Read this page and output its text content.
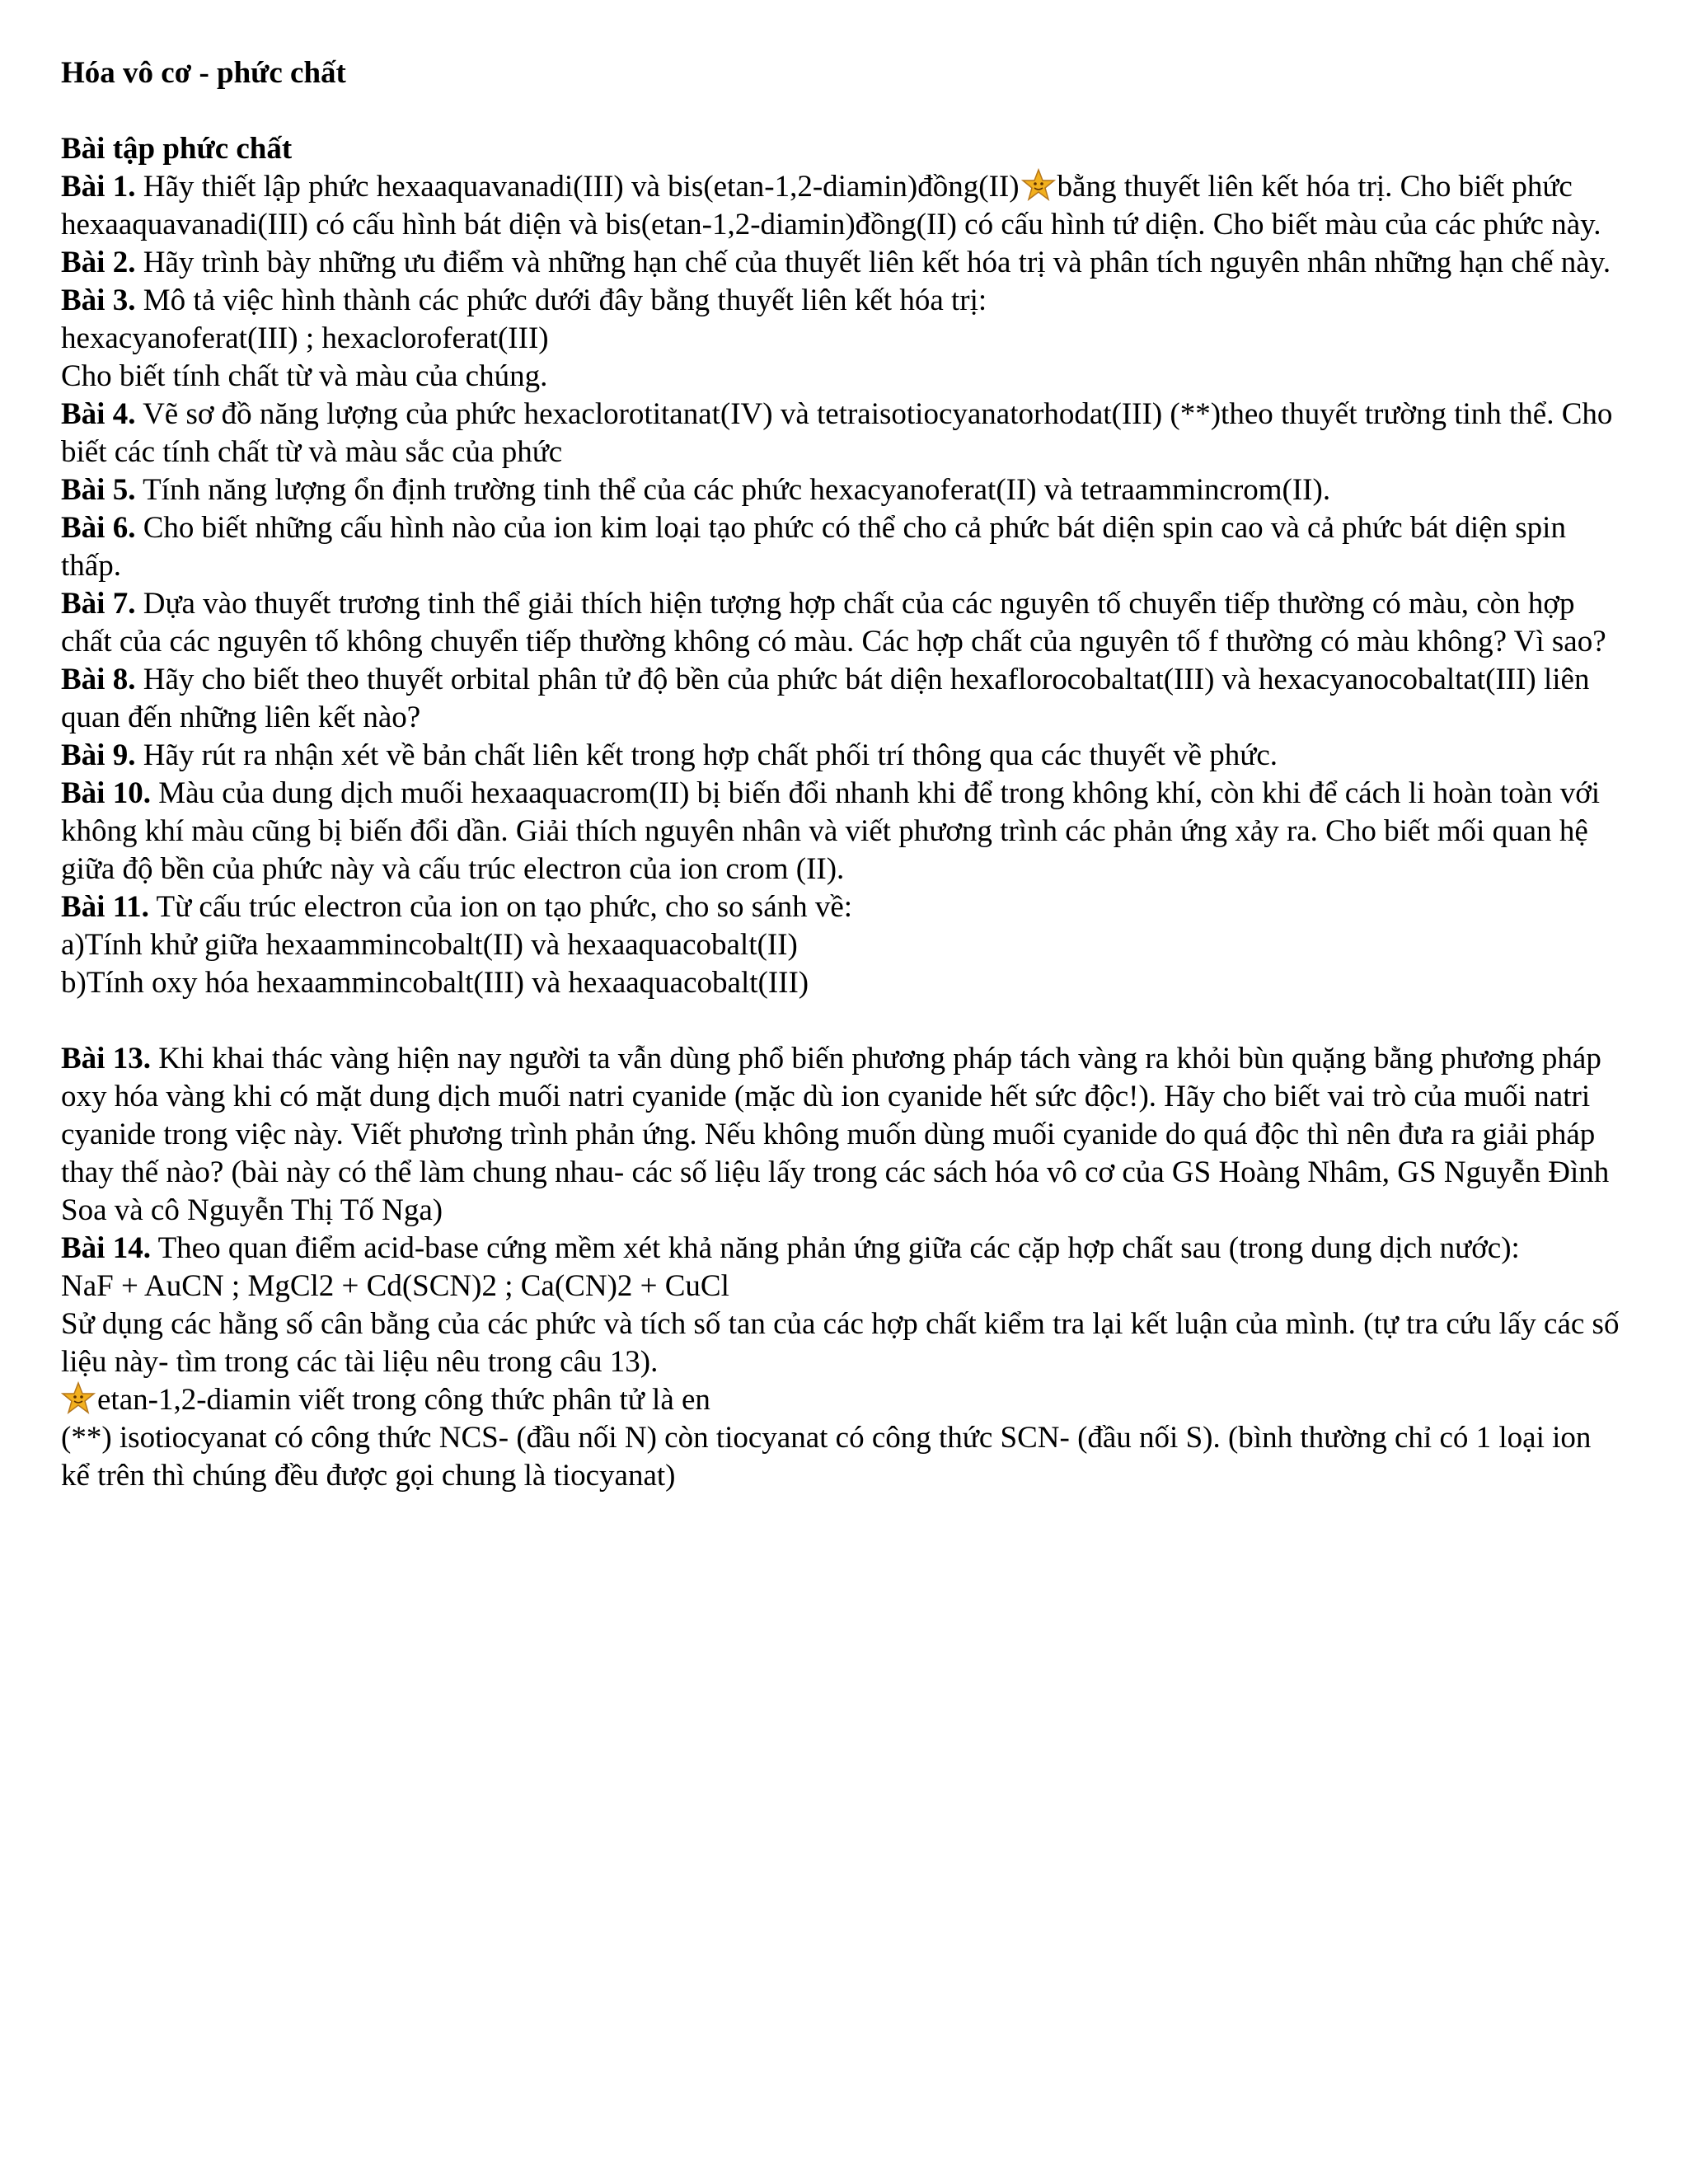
Hóa vô cơ - phức chất

Bài tập phức chất

Bài 1. Hãy thiết lập phức hexaaquavanadi(III) và bis(etan-1,2-diamin)đồng(II) bằng thuyết liên kết hóa trị. Cho biết phức hexaaquavanadi(III) có cấu hình bát diện và bis(etan-1,2-diamin)đồng(II) có cấu hình tứ diện. Cho biết màu của các phức này.

Bài 2. Hãy trình bày những ưu điểm và những hạn chế của thuyết liên kết hóa trị và phân tích nguyên nhân những hạn chế này.

Bài 3. Mô tả việc hình thành các phức dưới đây bằng thuyết liên kết hóa trị:

hexacyanoferat(III) ; hexacloroferat(III)

Cho biết tính chất từ và màu của chúng.

Bài 4. Vẽ sơ đồ năng lượng của phức hexaclorotitanat(IV) và tetraisotiocyanatorhodat(III) (**)theo thuyết trường tinh thể. Cho biết các tính chất từ và màu sắc của phức

Bài 5. Tính năng lượng ổn định trường tinh thể của các phức hexacyanoferat(II) và tetraammincrom(II).

Bài 6. Cho biết những cấu hình nào của ion kim loại tạo phức có thể cho cả phức bát diện spin cao và cả phức bát diện spin thấp.

Bài 7. Dựa vào thuyết trương tinh thể giải thích hiện tượng hợp chất của các nguyên tố chuyển tiếp thường có màu, còn hợp chất của các nguyên tố không chuyển tiếp thường không có màu. Các hợp chất của nguyên tố f thường có màu không? Vì sao?

Bài 8. Hãy cho biết theo thuyết orbital phân tử độ bền của phức bát diện hexaflorocobaltat(III) và hexacyanocobaltat(III) liên quan đến những liên kết nào?

Bài 9. Hãy rút ra nhận xét về bản chất liên kết trong hợp chất phối trí thông qua các thuyết về phức.

Bài 10. Màu của dung dịch muối hexaaquacrom(II) bị biến đổi nhanh khi để trong không khí, còn khi để cách li hoàn toàn với không khí màu cũng bị biến đổi dần. Giải thích nguyên nhân và viết phương trình các phản ứng xảy ra. Cho biết mối quan hệ giữa độ bền của phức này và cấu trúc electron của ion crom (II).

Bài 11. Từ cấu trúc electron của ion on tạo phức, cho so sánh về:

a)Tính khử giữa hexaammincobalt(II) và hexaaquacobalt(II)

b)Tính oxy hóa hexaammincobalt(III) và hexaaquacobalt(III)

Bài 13. Khi khai thác vàng hiện nay người ta vẫn dùng phổ biến phương pháp tách vàng ra khỏi bùn quặng bằng phương pháp oxy hóa vàng khi có mặt dung dịch muối natri cyanide (mặc dù ion cyanide hết sức độc!). Hãy cho biết vai trò của muối natri cyanide trong việc này. Viết phương trình phản ứng. Nếu không muốn dùng muối cyanide do quá độc thì nên đưa ra giải pháp thay thế nào? (bài này có thể làm chung nhau- các số liệu lấy trong các sách hóa vô cơ của GS Hoàng Nhâm, GS Nguyễn Đình Soa và cô Nguyễn Thị Tố Nga)

Bài 14. Theo quan điểm acid-base cứng mềm xét khả năng phản ứng giữa các cặp hợp chất sau (trong dung dịch nước):

NaF + AuCN ; MgCl2 + Cd(SCN)2 ; Ca(CN)2 + CuCl

Sử dụng các hằng số cân bằng của các phức và tích số tan của các hợp chất kiểm tra lại kết luận của mình. (tự tra cứu lấy các số liệu này- tìm trong các tài liệu nêu trong câu 13).

etan-1,2-diamin viết trong công thức phân tử là en

(**) isotiocyanat có công thức NCS- (đầu nối N) còn tiocyanat có công thức SCN- (đầu nối S). (bình thường chỉ có 1 loại ion kể trên thì chúng đều được gọi chung là tiocyanat)
